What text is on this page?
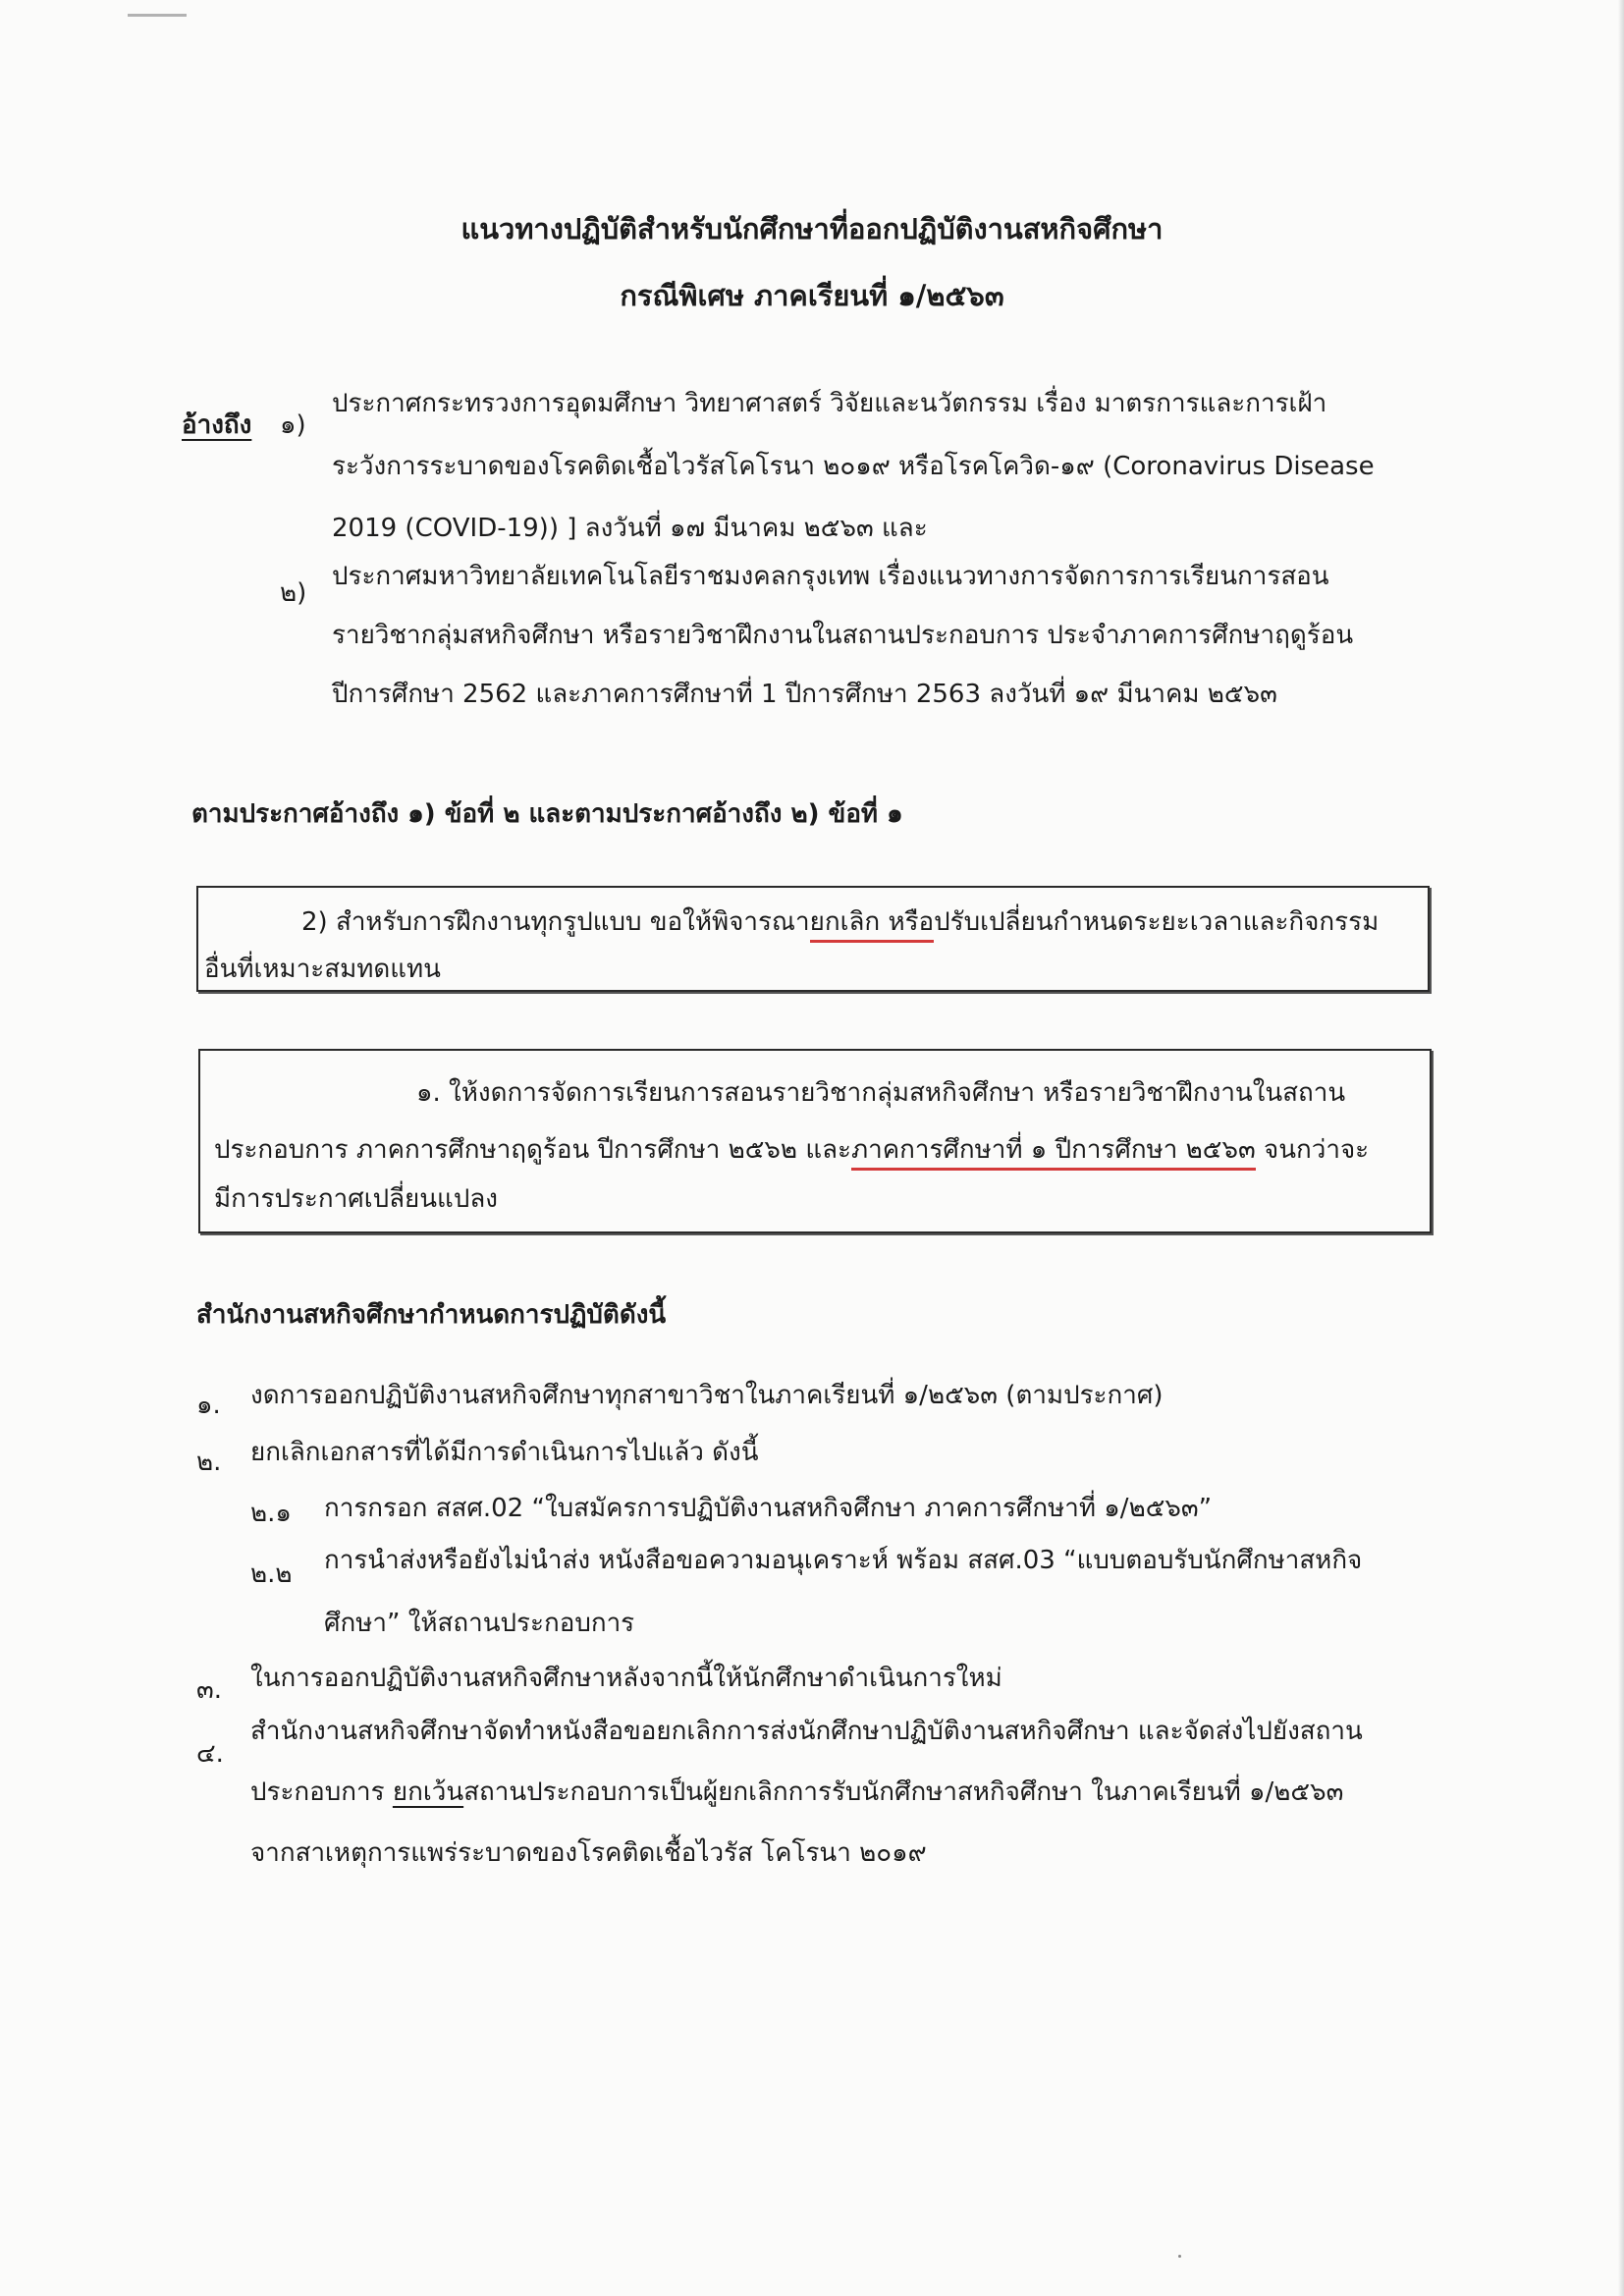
แนวทางปฏิบัติสำหรับนักศึกษาที่ออกปฏิบัติงานสหกิจศึกษา
กรณีพิเศษ ภาคเรียนที่ ๑/๒๕๖๓
อ้างถึง ๑)
ประกาศกระทรวงการอุดมศึกษา วิทยาศาสตร์ วิจัยและนวัตกรรม เรื่อง มาตรการและการเฝ้า
ระวังการระบาดของโรคติดเชื้อไวรัสโคโรนา ๒๐๑๙ หรือโรคโควิด-๑๙ (Coronavirus Disease
2019 (COVID-19)) ] ลงวันที่ ๑๗ มีนาคม ๒๕๖๓ และ
๒)
ประกาศมหาวิทยาลัยเทคโนโลยีราชมงคลกรุงเทพ เรื่องแนวทางการจัดการการเรียนการสอน
รายวิชากลุ่มสหกิจศึกษา หรือรายวิชาฝึกงานในสถานประกอบการ ประจำภาคการศึกษาฤดูร้อน
ปีการศึกษา 2562 และภาคการศึกษาที่ 1 ปีการศึกษา 2563 ลงวันที่ ๑๙ มีนาคม ๒๕๖๓
ตามประกาศอ้างถึง ๑) ข้อที่ ๒ และตามประกาศอ้างถึง ๒) ข้อที่ ๑
2) สำหรับการฝึกงานทุกรูปแบบ ขอให้พิจารณายกเลิก หรือปรับเปลี่ยนกำหนดระยะเวลาและกิจกรรม
อื่นที่เหมาะสมทดแทน
๑. ให้งดการจัดการเรียนการสอนรายวิชากลุ่มสหกิจศึกษา หรือรายวิชาฝึกงานในสถาน
ประกอบการ ภาคการศึกษาฤดูร้อน ปีการศึกษา ๒๕๖๒ และภาคการศึกษาที่ ๑ ปีการศึกษา ๒๕๖๓ จนกว่าจะ
มีการประกาศเปลี่ยนแปลง
สำนักงานสหกิจศึกษากำหนดการปฏิบัติดังนี้
๑. งดการออกปฏิบัติงานสหกิจศึกษาทุกสาขาวิชาในภาคเรียนที่ ๑/๒๕๖๓ (ตามประกาศ)
๒. ยกเลิกเอกสารที่ได้มีการดำเนินการไปแล้ว ดังนี้
๒.๑ การกรอก สสศ.02 “ใบสมัครการปฏิบัติงานสหกิจศึกษา ภาคการศึกษาที่ ๑/๒๕๖๓”
๒.๒ การนำส่งหรือยังไม่นำส่ง หนังสือขอความอนุเคราะห์ พร้อม สสศ.03 “แบบตอบรับนักศึกษาสหกิจ
ศึกษา” ให้สถานประกอบการ
๓. ในการออกปฏิบัติงานสหกิจศึกษาหลังจากนี้ให้นักศึกษาดำเนินการใหม่
๔.
สำนักงานสหกิจศึกษาจัดทำหนังสือขอยกเลิกการส่งนักศึกษาปฏิบัติงานสหกิจศึกษา และจัดส่งไปยังสถาน
ประกอบการ ยกเว้นสถานประกอบการเป็นผู้ยกเลิกการรับนักศึกษาสหกิจศึกษา ในภาคเรียนที่ ๑/๒๕๖๓
จากสาเหตุการแพร่ระบาดของโรคติดเชื้อไวรัส โคโรนา ๒๐๑๙
